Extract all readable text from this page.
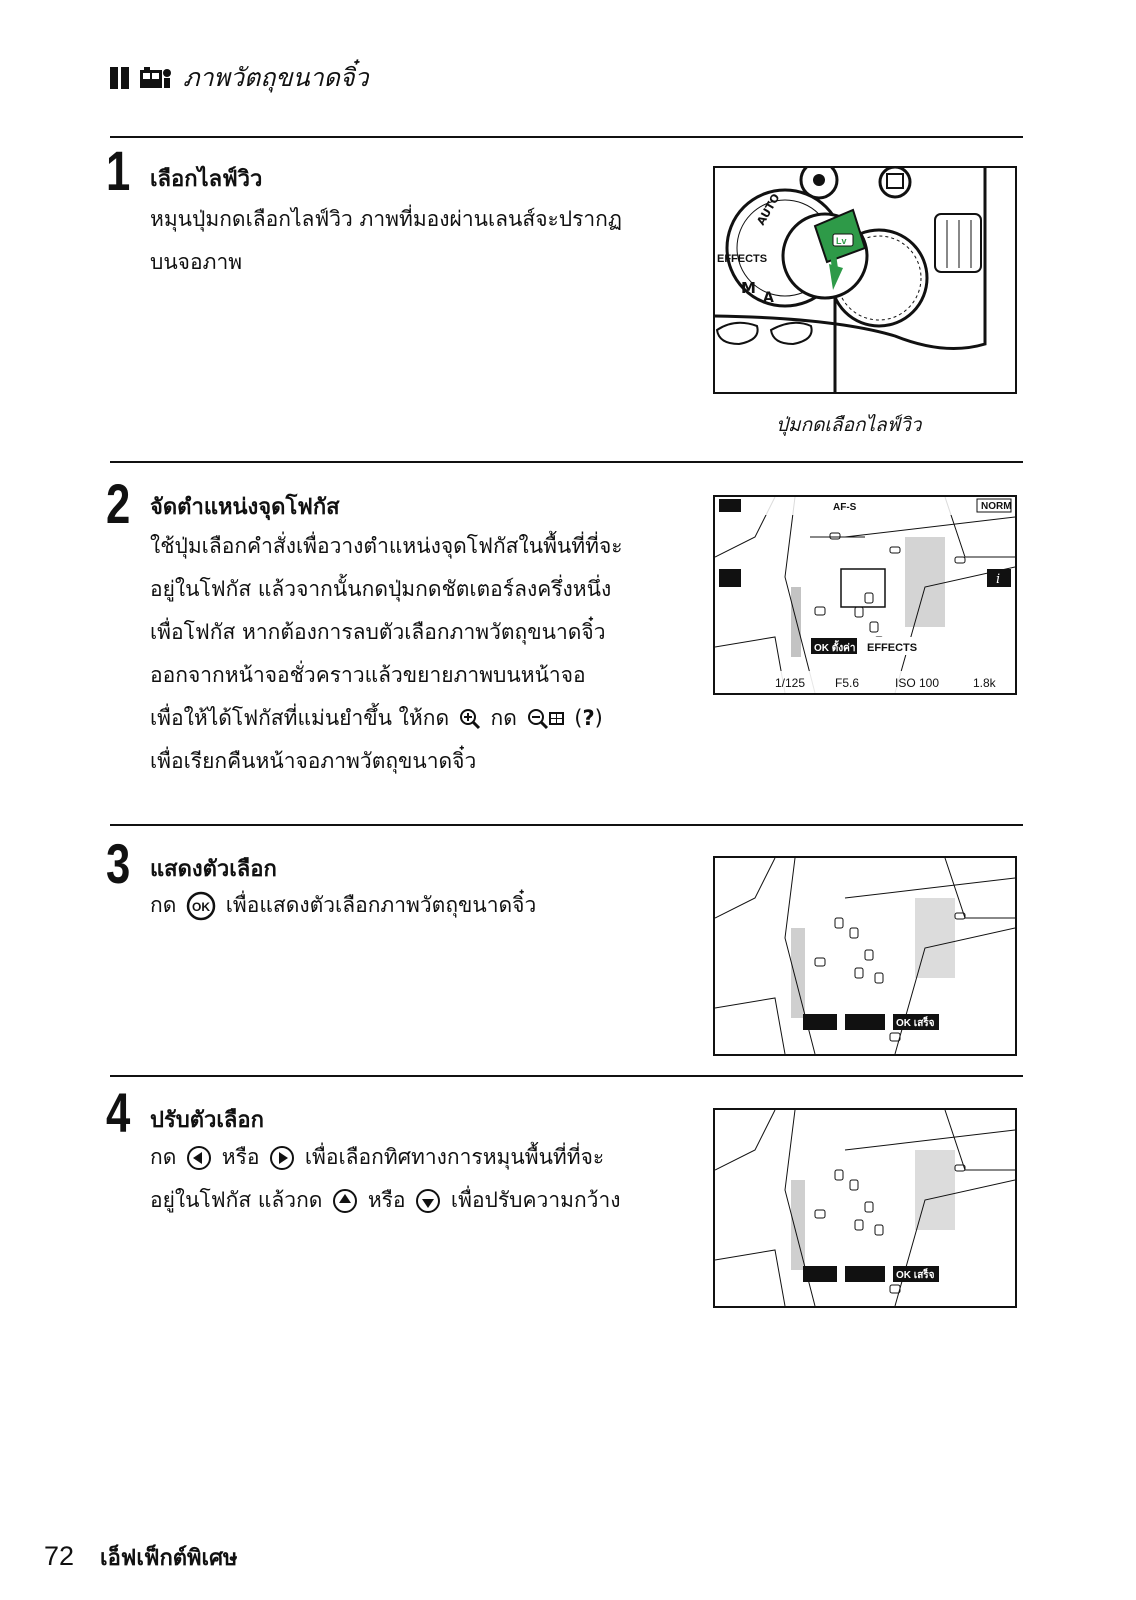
ภาพวัตถุขนาดจิ๋ว
1 เลือกไลฟ์วิว
หมุนปุ่มกดเลือกไลฟ์วิว ภาพที่มองผ่านเลนส์จะปรากฏ
บนจอภาพ	EFFECTS
M
A
AUTO
Lv
ปุ่มกดเลือกไลฟ์วิว
2 จัดตำแหน่งจุดโฟกัส
ใช้ปุ่มเลือกคำสั่งเพื่อวางตำแหน่งจุดโฟกัสในพื้นที่ที่จะ
อยู่ในโฟกัส แล้วจากนั้นกดปุ่มกดชัตเตอร์ลงครึ่งหนึ่ง
เพื่อโฟกัส หากต้องการลบตัวเลือกภาพวัตถุขนาดจิ๋ว
ออกจากหน้าจอชั่วคราวแล้วขยายภาพบนหน้าจอ
เพื่อให้ได้โฟกัสที่แม่นยำขึ้น ให้กด กด	(?)
เพื่อเรียกคืนหน้าจอภาพวัตถุขนาดจิ๋ว
AF-S	NORM
i
OK ตั้งค่า EFFECTS
1/125 F5.6	ISO 100	1.8k
3 แสดงตัวเลือก
กด OK เพื่อแสดงตัวเลือกภาพวัตถุขนาดจิ๋ว
OK เสร็จ
4 ปรับตัวเลือก
กด หรือ เพื่อเลือกทิศทางการหมุนพื้นที่ที่จะ
อยู่ในโฟกัส แล้วกด หรือ เพื่อปรับความกว้าง
OK เสร็จ
72 เอ็ฟเฟ็กต์พิเศษ
